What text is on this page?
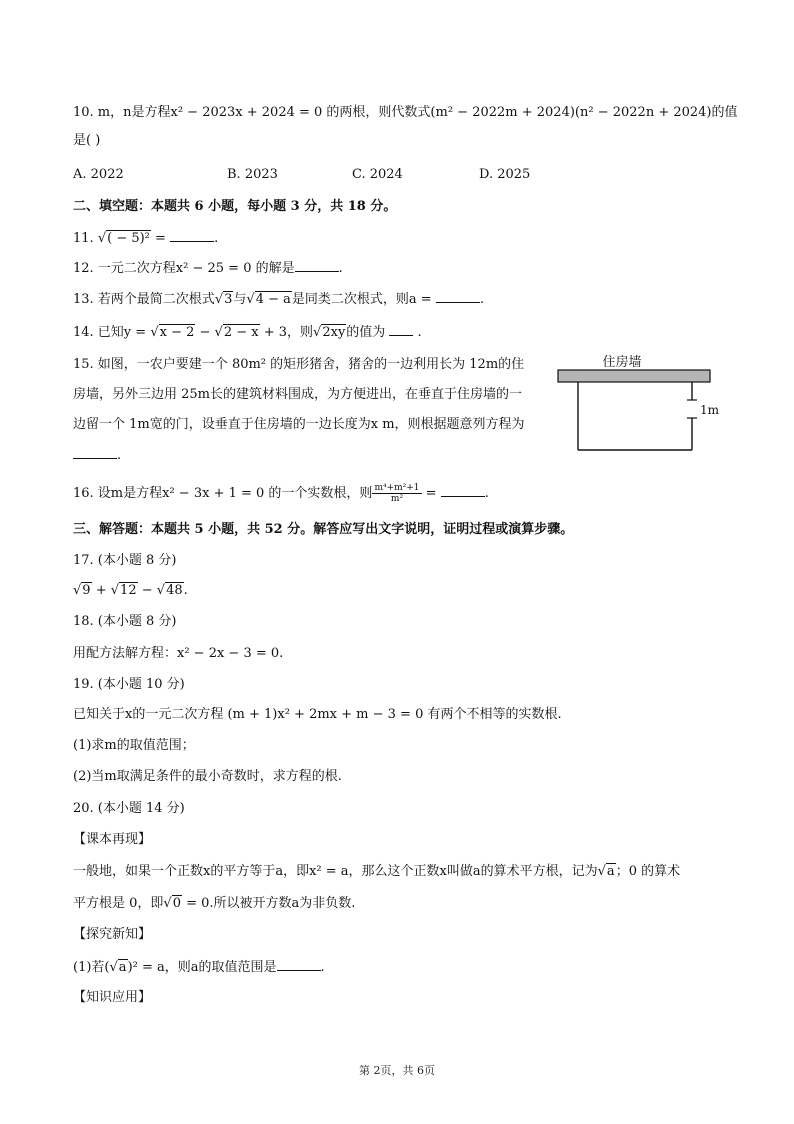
10. m，n是方程x² − 2023x + 2024 = 0 的两根，则代数式(m² − 2022m + 2024)(n² − 2022n + 2024)的值
是( )
A. 2022	B. 2023	C. 2024	D. 2025
二、填空题：本题共 6 小题，每小题 3 分，共 18 分。
11. √( − 5)² =	.
12. 一元二次方程x² − 25 = 0 的解是	.
13. 若两个最简二次根式√3与√4 − a是同类二次根式，则a =	.
14. 已知y = √x − 2 − √2 − x + 3，则√2xy的值为 .
15. 如图，一农户要建一个 80m² 的矩形猪舍，猪舍的一边利用长为 12m的住
房墙，另外三边用 25m长的建筑材料围成，为方便进出，在垂直于住房墙的一
边留一个 1m宽的门，设垂直于住房墙的一边长度为x m，则根据题意列方程为
.
住房墙
1m
16. 设m是方程x² − 3x + 1 = 0 的一个实数根，则 $\frac{\text{m⁴+m²+1}}{\text{m²}}$ =	.
三、解答题：本题共 5 小题，共 52 分。解答应写出文字说明，证明过程或演算步骤。
17. (本小题 8 分)
√9 + √12 − √48.
18. (本小题 8 分)
用配方法解方程：x² − 2x − 3 = 0.
19. (本小题 10 分)
已知关于x的一元二次方程 (m + 1)x² + 2mx + m − 3 = 0 有两个不相等的实数根.
(1)求m的取值范围；
(2)当m取满足条件的最小奇数时，求方程的根.
20. (本小题 14 分)
【课本再现】
一般地，如果一个正数x的平方等于a，即x² = a，那么这个正数x叫做a的算术平方根，记为√a；0 的算术
平方根是 0，即√0 = 0.所以被开方数a为非负数.
【探究新知】
(1)若(√a)² = a，则a的取值范围是	.
【知识应用】
第 2页，共 6页
